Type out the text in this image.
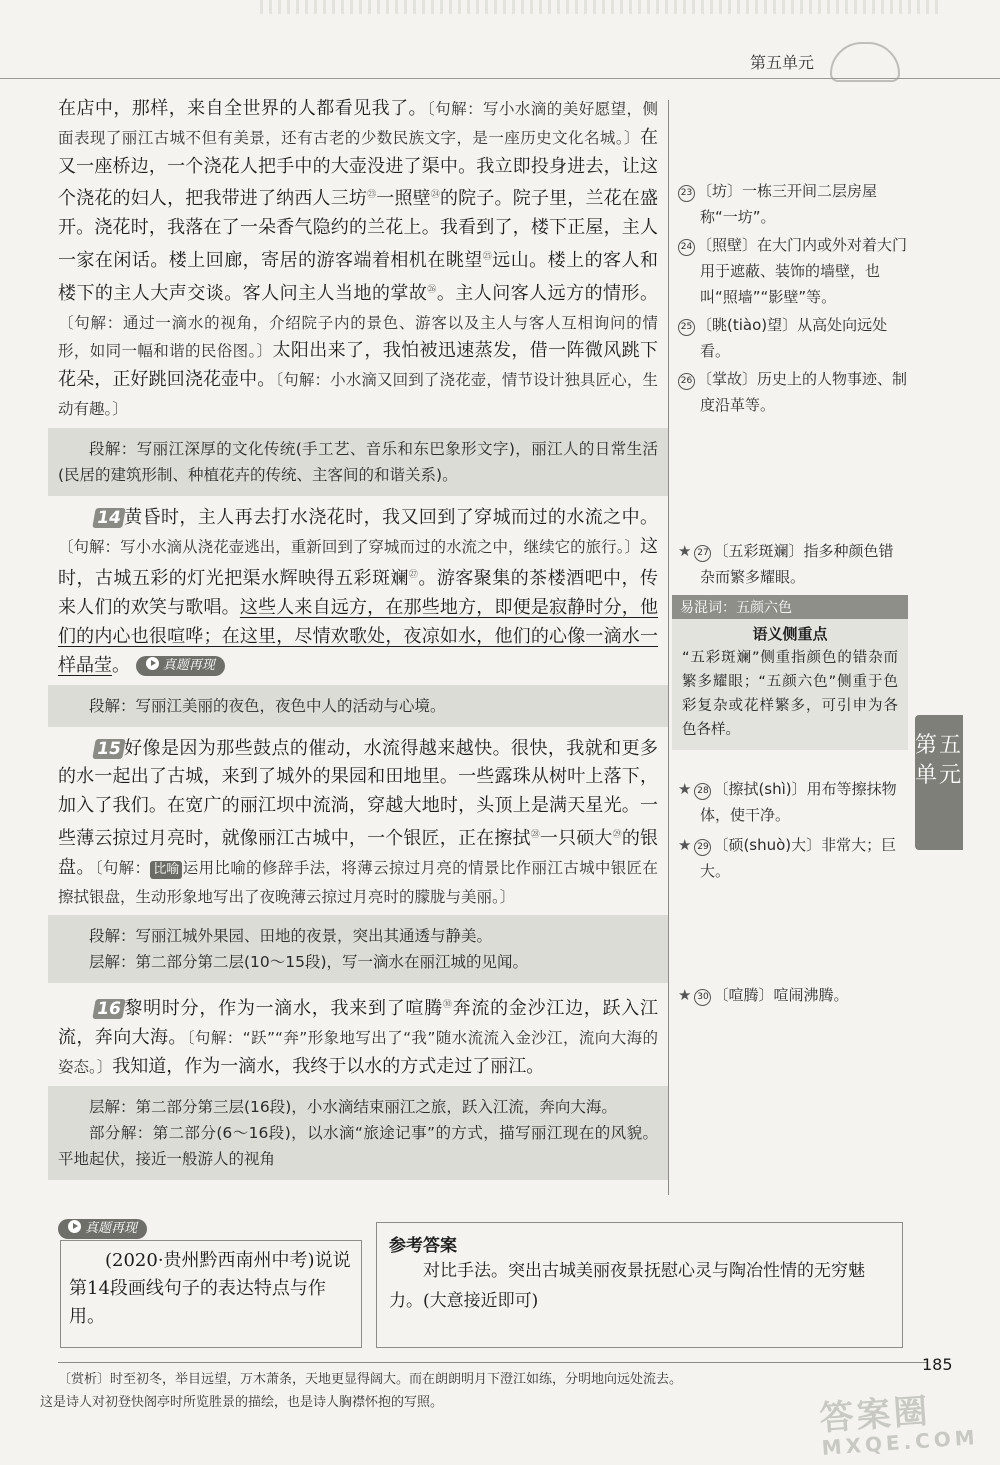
第五单元

在店中，那样，来自全世界的人都看见我了。〔句解：写小水滴的美好愿望，侧面表现了丽江古城不但有美景，还有古老的少数民族文字，是一座历史文化名城。〕在又一座桥边，一个浇花人把手中的大壶没进了渠中。我立即投身进去，让这个浇花的妇人，把我带进了纳西人三坊$^㉓$一照壁$^㉔$的院子。院子里，兰花在盛开。浇花时，我落在了一朵香气隐约的兰花上。我看到了，楼下正屋，主人一家在闲话。楼上回廊，寄居的游客端着相机在眺望$^㉕$远山。楼上的客人和楼下的主人大声交谈。客人问主人当地的掌故$^㉖$。主人问客人远方的情形。〔句解：通过一滴水的视角，介绍院子内的景色、游客以及主人与客人互相询问的情形，如同一幅和谐的民俗图。〕太阳出来了，我怕被迅速蒸发，借一阵微风跳下花朵，正好跳回浇花壶中。〔句解：小水滴又回到了浇花壶，情节设计独具匠心，生动有趣。〕

段解：写丽江深厚的文化传统(手工艺、音乐和东巴象形文字)，丽江人的日常生活(民居的建筑形制、种植花卉的传统、主客间的和谐关系)。

14黄昏时，主人再去打水浇花时，我又回到了穿城而过的水流之中。〔句解：写小水滴从浇花壶逃出，重新回到了穿城而过的水流之中，继续它的旅行。〕这时，古城五彩的灯光把渠水辉映得五彩斑斓$^㉗$。游客聚集的茶楼酒吧中，传来人们的欢笑与歌唱。这些人来自远方，在那些地方，即便是寂静时分，他们的内心也很喧哗；在这里，尽情欢歌处，夜凉如水，他们的心像一滴水一样晶莹。	真题再现

段解：写丽江美丽的夜色，夜色中人的活动与心境。

15好像是因为那些鼓点的催动，水流得越来越快。很快，我就和更多的水一起出了古城，来到了城外的果园和田地里。一些露珠从树叶上落下，加入了我们。在宽广的丽江坝中流淌，穿越大地时，头顶上是满天星光。一些薄云掠过月亮时，就像丽江古城中，一个银匠，正在擦拭$^㉘$一只硕大$^㉙$的银盘。〔句解： 比喻 运用比喻的修辞手法，将薄云掠过月亮的情景比作丽江古城中银匠在擦拭银盘，生动形象地写出了夜晚薄云掠过月亮时的朦胧与美丽。〕

段解：写丽江城外果园、田地的夜景，突出其通透与静美。

层解：第二部分第二层(10～15段)，写一滴水在丽江城的见闻。

16黎明时分，作为一滴水，我来到了喧腾$^㉚$奔流的金沙江边，跃入江流，奔向大海。〔句解：“跃”“奔”形象地写出了“我”随水流流入金沙江，流向大海的姿态。〕我知道，作为一滴水，我终于以水的方式走过了丽江。

层解：第二部分第三层(16段)，小水滴结束丽江之旅，跃入江流，奔向大海。

部分解：第二部分(6～16段)，以水滴“旅途记事”的方式，描写丽江现在的风貌。平地起伏，接近一般游人的视角

23 〔坊〕一栋三开间二层房屋称“一坊”。
24 〔照壁〕在大门内或外对着大门用于遮蔽、装饰的墙壁，也叫“照墙”“影壁”等。
25 〔眺(tiào)望〕从高处向远处看。
26 〔掌故〕历史上的人物事迹、制度沿革等。
★ 27 〔五彩斑斓〕指多种颜色错杂而繁多耀眼。
易混词：五颜六色
语义侧重点
“五彩斑斓”侧重指颜色的错杂而繁多耀眼；“五颜六色”侧重于色彩复杂或花样繁多，可引申为各色各样。
第五单元
★ 28 〔擦拭(shì)〕用布等擦抹物体，使干净。
★ 29 〔硕(shuò)大〕非常大；巨大。
★ 30 〔喧腾〕喧闹沸腾。
真题再现

(2020·贵州黔西南州中考)说说第14段画线句子的表达特点与作用。

参考答案

对比手法。突出古城美丽夜景抚慰心灵与陶冶性情的无穷魅力。(大意接近即可)

185
〔赏析〕时至初冬，举目远望，万木萧条，天地更显得阔大。而在朗朗明月下澄江如练，分明地向远处流去。
这是诗人对初登快阁亭时所览胜景的描绘，也是诗人胸襟怀抱的写照。	答案圈
MXQE.COM
